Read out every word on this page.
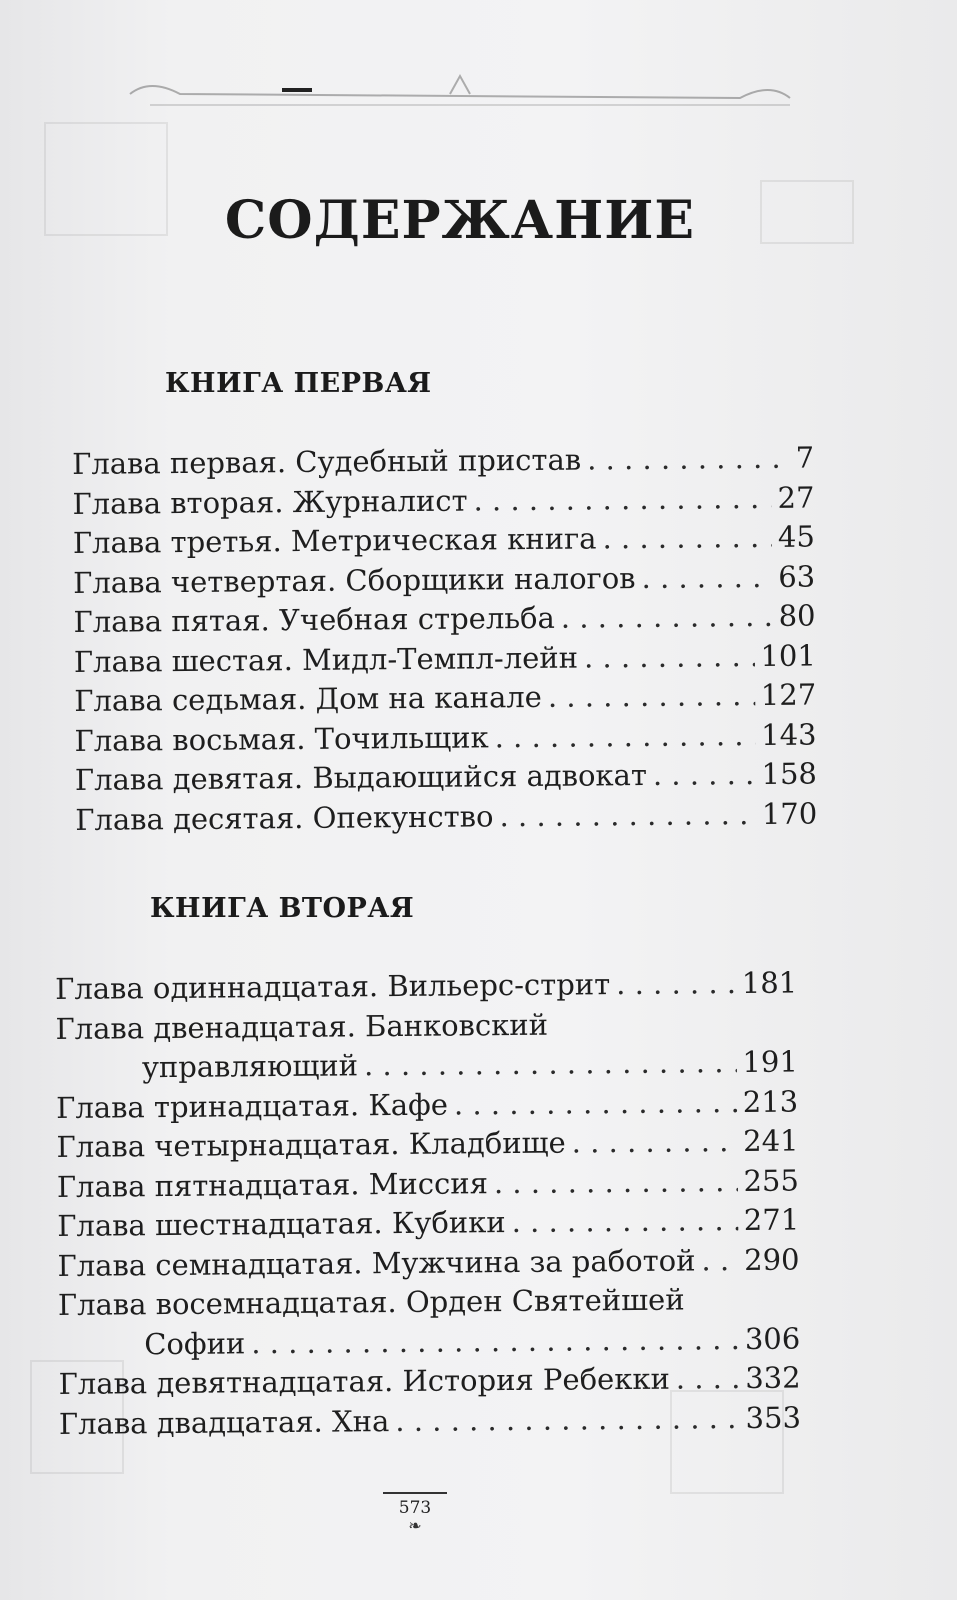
СОДЕРЖАНИЕ
КНИГА ПЕРВАЯ
Глава первая. Судебный пристав . . .	7
Глава вторая. Журналист . . .	27
Глава третья. Метрическая книга . . .	45
Глава четвертая. Сборщики налогов . . .	63
Глава пятая. Учебная стрельба . . .	80
Глава шестая. Мидл-Темпл-лейн . . .	101
Глава седьмая. Дом на канале . . .	127
Глава восьмая. Точильщик . . .	143
Глава девятая. Выдающийся адвокат . . .	158
Глава десятая. Опекунство . . .	170
КНИГА ВТОРАЯ
Глава одиннадцатая. Вильерс-стрит . . .	181
Глава двенадцатая. Банковский
управляющий . . .	191
Глава тринадцатая. Кафе . . .	213
Глава четырнадцатая. Кладбище . . .	241
Глава пятнадцатая. Миссия . . .	255
Глава шестнадцатая. Кубики . . .	271
Глава семнадцатая. Мужчина за работой . . . 290
Глава восемнадцатая. Орден Святейшей
Софии . . .	306
Глава девятнадцатая. История Ребекки . . .	332
Глава двадцатая. Хна . . .	353
573
❧
